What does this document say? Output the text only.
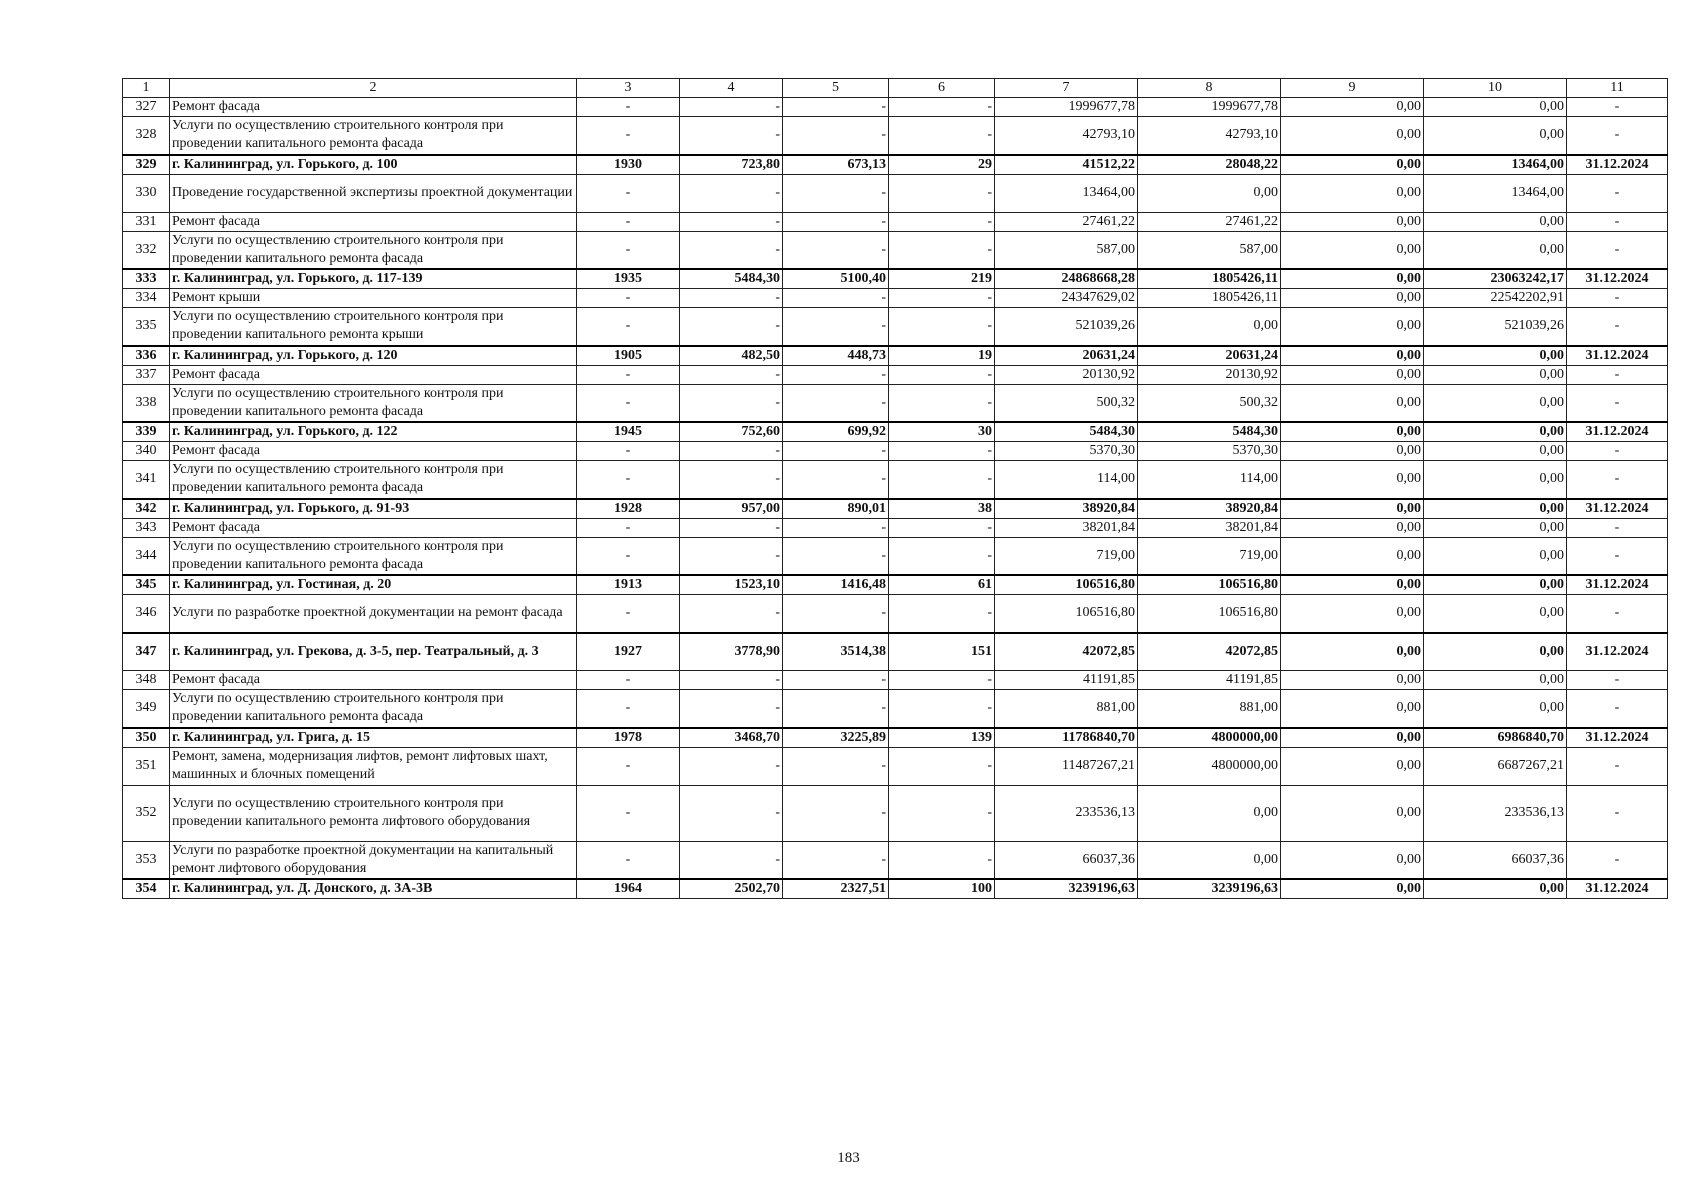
1	2	3	4	5	6	7	8	9	10	11
327	Ремонт фасада	-	-	-	-	1999677,78	1999677,78	0,00	0,00	-
328	Услуги по осуществлению строительного контроля при проведении капитального ремонта фасада	-	-	-	-	42793,10	42793,10	0,00	0,00	-
329	г. Калининград, ул. Горького, д. 100	1930	723,80	673,13	29	41512,22	28048,22	0,00	13464,00	31.12.2024
330	Проведение государственной экспертизы проектной документации	-	-	-	-	13464,00	0,00	0,00	13464,00	-
331	Ремонт фасада	-	-	-	-	27461,22	27461,22	0,00	0,00	-
332	Услуги по осуществлению строительного контроля при проведении капитального ремонта фасада	-	-	-	-	587,00	587,00	0,00	0,00	-
333	г. Калининград, ул. Горького, д. 117-139	1935	5484,30	5100,40	219	24868668,28	1805426,11	0,00	23063242,17	31.12.2024
334	Ремонт крыши	-	-	-	-	24347629,02	1805426,11	0,00	22542202,91	-
335	Услуги по осуществлению строительного контроля при проведении капитального ремонта крыши	-	-	-	-	521039,26	0,00	0,00	521039,26	-
336	г. Калининград, ул. Горького, д. 120	1905	482,50	448,73	19	20631,24	20631,24	0,00	0,00	31.12.2024
337	Ремонт фасада	-	-	-	-	20130,92	20130,92	0,00	0,00	-
338	Услуги по осуществлению строительного контроля при проведении капитального ремонта фасада	-	-	-	-	500,32	500,32	0,00	0,00	-
339	г. Калининград, ул. Горького, д. 122	1945	752,60	699,92	30	5484,30	5484,30	0,00	0,00	31.12.2024
340	Ремонт фасада	-	-	-	-	5370,30	5370,30	0,00	0,00	-
341	Услуги по осуществлению строительного контроля при проведении капитального ремонта фасада	-	-	-	-	114,00	114,00	0,00	0,00	-
342	г. Калининград, ул. Горького, д. 91-93	1928	957,00	890,01	38	38920,84	38920,84	0,00	0,00	31.12.2024
343	Ремонт фасада	-	-	-	-	38201,84	38201,84	0,00	0,00	-
344	Услуги по осуществлению строительного контроля при проведении капитального ремонта фасада	-	-	-	-	719,00	719,00	0,00	0,00	-
345	г. Калининград, ул. Гостиная, д. 20	1913	1523,10	1416,48	61	106516,80	106516,80	0,00	0,00	31.12.2024
346	Услуги по разработке проектной документации на ремонт фасада	-	-	-	-	106516,80	106516,80	0,00	0,00	-
347	г. Калининград, ул. Грекова, д. 3-5, пер. Театральный, д. 3	1927	3778,90	3514,38	151	42072,85	42072,85	0,00	0,00	31.12.2024
348	Ремонт фасада	-	-	-	-	41191,85	41191,85	0,00	0,00	-
349	Услуги по осуществлению строительного контроля при проведении капитального ремонта фасада	-	-	-	-	881,00	881,00	0,00	0,00	-
350	г. Калининград, ул. Грига, д. 15	1978	3468,70	3225,89	139	11786840,70	4800000,00	0,00	6986840,70	31.12.2024
351	Ремонт, замена, модернизация лифтов, ремонт лифтовых шахт, машинных и блочных помещений	-	-	-	-	11487267,21	4800000,00	0,00	6687267,21	-
352	Услуги по осуществлению строительного контроля при проведении капитального ремонта лифтового оборудования	-	-	-	-	233536,13	0,00	0,00	233536,13	-
353	Услуги по разработке проектной документации на капитальный ремонт лифтового оборудования	-	-	-	-	66037,36	0,00	0,00	66037,36	-
354	г. Калининград, ул. Д. Донского, д. 3А-3В	1964	2502,70	2327,51	100	3239196,63	3239196,63	0,00	0,00	31.12.2024
183
